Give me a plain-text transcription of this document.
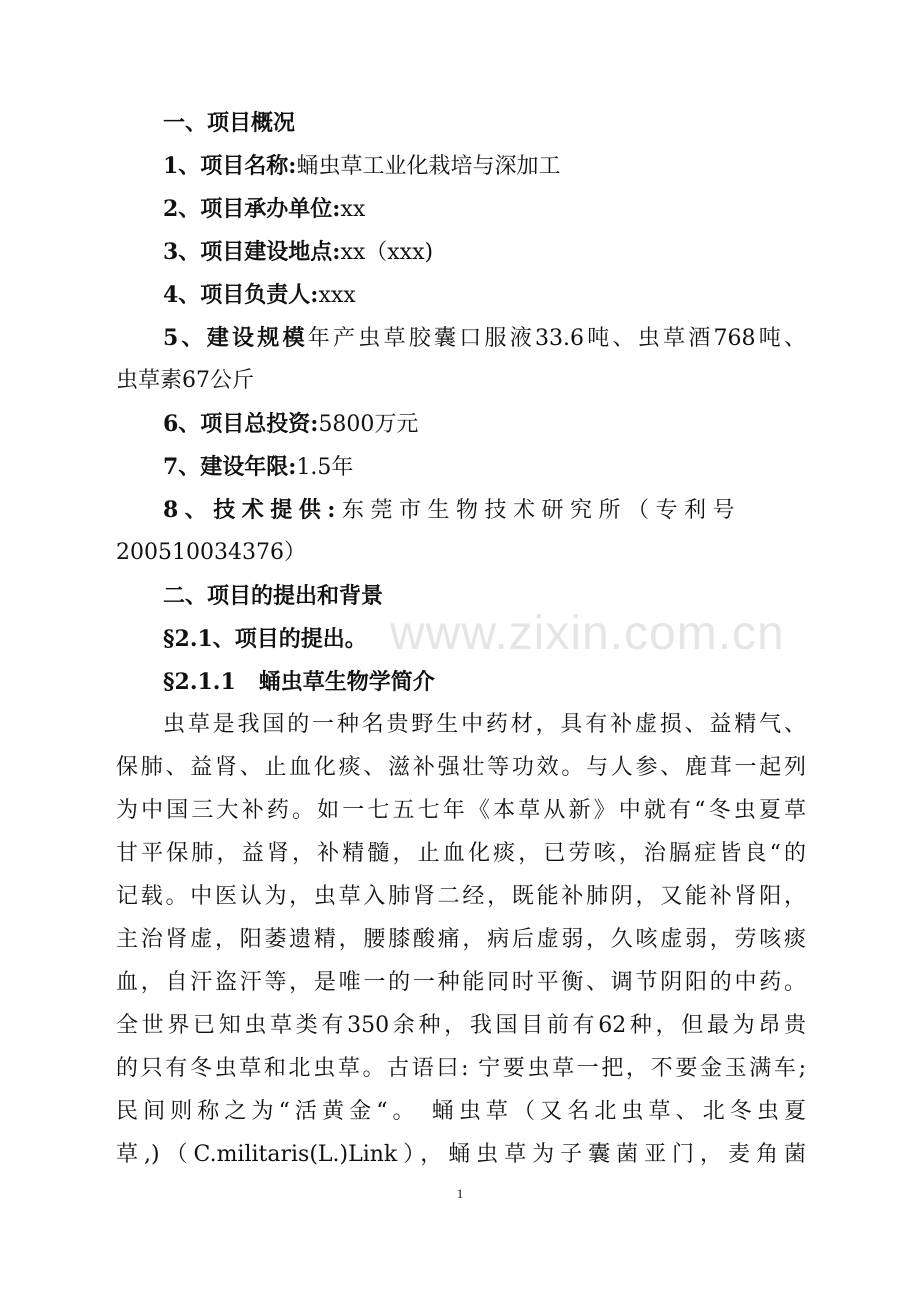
www.zixin.com.cn
一、项目概况
1、项目名称:蛹虫草工业化栽培与深加工
2、项目承办单位:xx
3、项目建设地点:xx（xxx)
4、项目负责人:xxx
5、建设规模年产虫草胶囊口服液33.6吨、虫草酒768吨、
虫草素67公斤
6、项目总投资:5800万元
7、建设年限:1.5年
8、技术提供:东莞市生物技术研究所（专利号
200510034376）
二、项目的提出和背景
§2.1、项目的提出。
§2.1.1   蛹虫草生物学简介
虫草是我国的一种名贵野生中药材，具有补虚损、益精气、
保肺、益肾、止血化痰、滋补强壮等功效。与人参、鹿茸一起列
为中国三大补药。如一七五七年《本草从新》中就有“冬虫夏草
甘平保肺，益肾，补精髓，止血化痰，已劳咳，治膈症皆良“的
记载。中医认为，虫草入肺肾二经，既能补肺阴，又能补肾阳，
主治肾虚，阳萎遗精，腰膝酸痛，病后虚弱，久咳虚弱，劳咳痰
血，自汗盗汗等，是唯一的一种能同时平衡、调节阴阳的中药。
全世界已知虫草类有350余种，我国目前有62种，但最为昂贵
的只有冬虫草和北虫草。古语曰: 宁要虫草一把，不要金玉满车;
民间则称之为“活黄金“。 蛹虫草（又名北虫草、北冬虫夏
草,)（C.militaris(L.)Link），蛹虫草为子囊菌亚门，麦角菌
1
